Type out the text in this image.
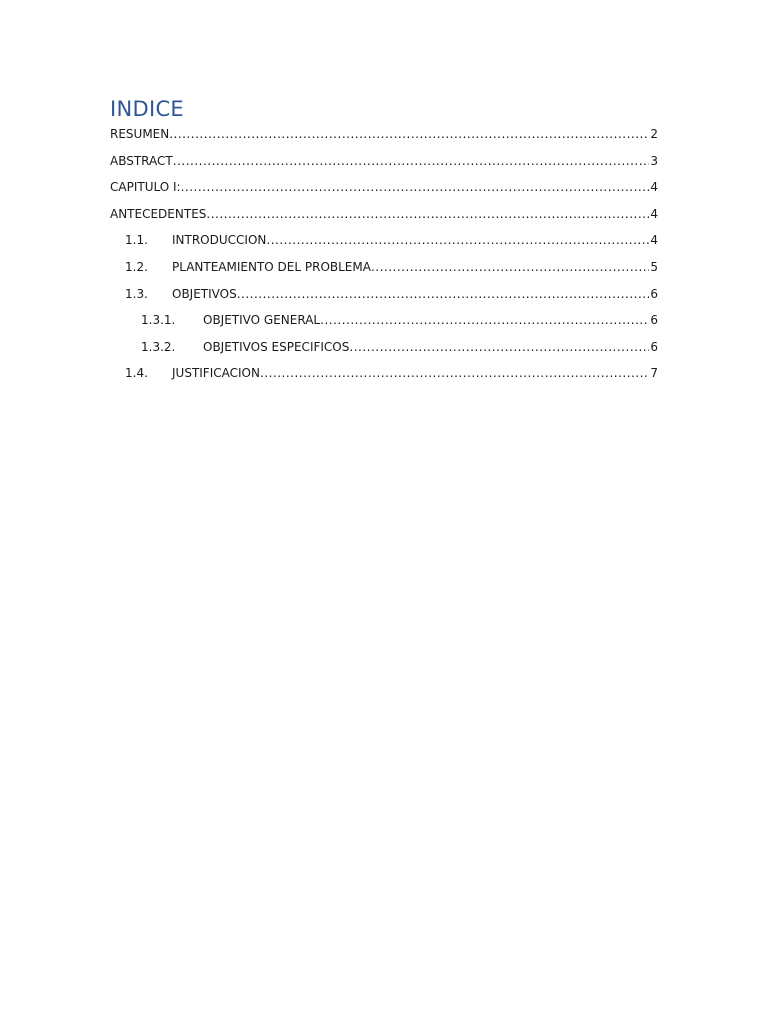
INDICE
RESUMEN .....	2
ABSTRACT .....	3
CAPITULO I: .....	4
ANTECEDENTES .....	4
1.1.	INTRODUCCION .....	4
1.2.	PLANTEAMIENTO DEL PROBLEMA .....	5
1.3.	OBJETIVOS .....	6
1.3.1.	OBJETIVO GENERAL .....	6
1.3.2.	OBJETIVOS ESPECIFICOS .....	6
1.4.	JUSTIFICACION .....	7
